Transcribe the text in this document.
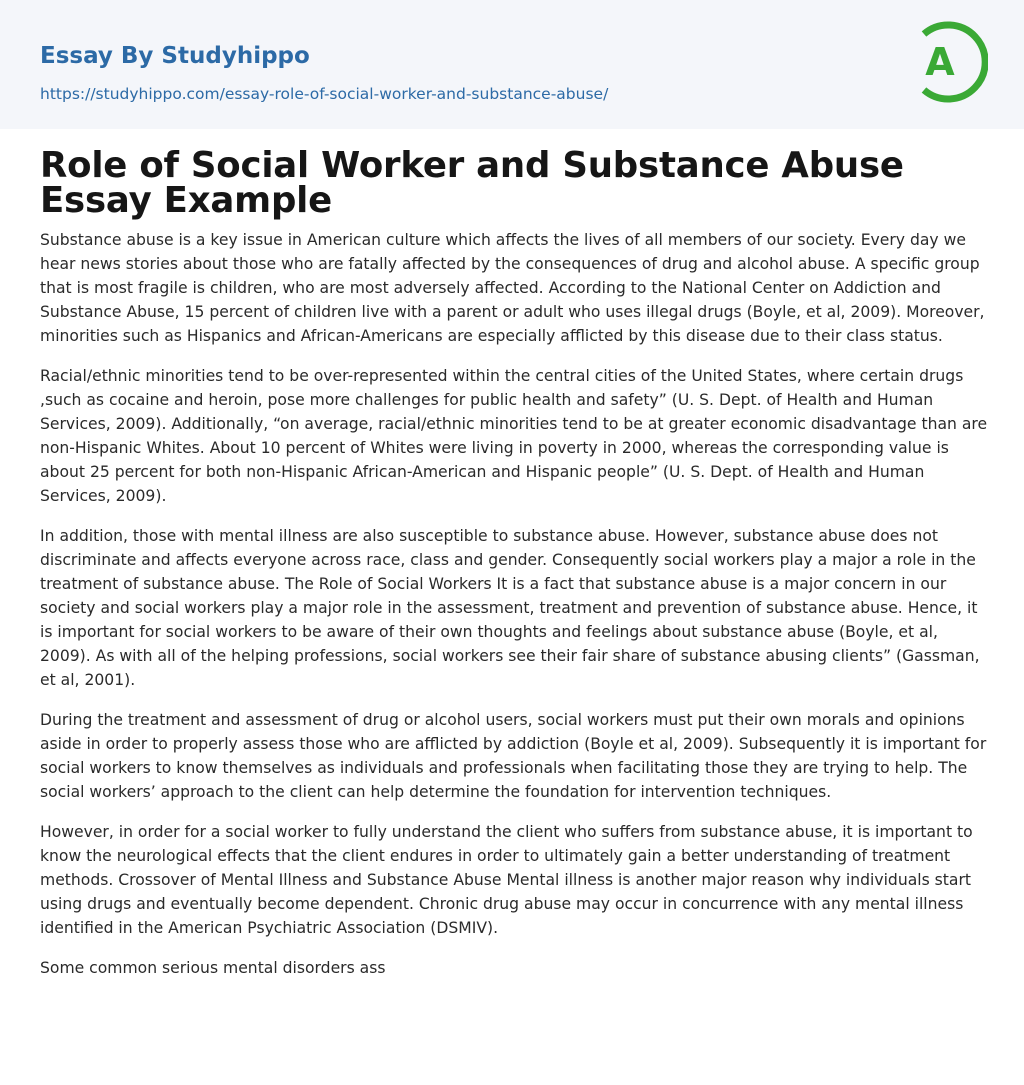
Essay By Studyhippo
https://studyhippo.com/essay-role-of-social-worker-and-substance-abuse/
A
Role of Social Worker and Substance Abuse Essay Example

Substance abuse is a key issue in American culture which affects the lives of all members of our society. Every day we hear news stories about those who are fatally affected by the consequences of drug and alcohol abuse. A specific group that is most fragile is children, who are most adversely affected. According to the National Center on Addiction and Substance Abuse, 15 percent of children live with a parent or adult who uses illegal drugs (Boyle, et al, 2009). Moreover, minorities such as Hispanics and African-Americans are especially afflicted by this disease due to their class status.

Racial/ethnic minorities tend to be over-represented within the central cities of the United States, where certain drugs ,such as cocaine and heroin, pose more challenges for public health and safety” (U. S. Dept. of Health and Human Services, 2009). Additionally, “on average, racial/ethnic minorities tend to be at greater economic disadvantage than are non-Hispanic Whites. About 10 percent of Whites were living in poverty in 2000, whereas the corresponding value is about 25 percent for both non-Hispanic African-American and Hispanic people” (U. S. Dept. of Health and Human Services, 2009).

In addition, those with mental illness are also susceptible to substance abuse. However, substance abuse does not discriminate and affects everyone across race, class and gender. Consequently social workers play a major a role in the treatment of substance abuse. The Role of Social Workers It is a fact that substance abuse is a major concern in our society and social workers play a major role in the assessment, treatment and prevention of substance abuse. Hence, it is important for social workers to be aware of their own thoughts and feelings about substance abuse (Boyle, et al, 2009). As with all of the helping professions, social workers see their fair share of substance abusing clients” (Gassman, et al, 2001).

During the treatment and assessment of drug or alcohol users, social workers must put their own morals and opinions aside in order to properly assess those who are afflicted by addiction (Boyle et al, 2009). Subsequently it is important for social workers to know themselves as individuals and professionals when facilitating those they are trying to help. The social workers’ approach to the client can help determine the foundation for intervention techniques.

However, in order for a social worker to fully understand the client who suffers from substance abuse, it is important to know the neurological effects that the client endures in order to ultimately gain a better understanding of treatment methods. Crossover of Mental Illness and Substance Abuse Mental illness is another major reason why individuals start using drugs and eventually become dependent. Chronic drug abuse may occur in concurrence with any mental illness identified in the American Psychiatric Association (DSMIV).

Some common serious mental disorders ass
